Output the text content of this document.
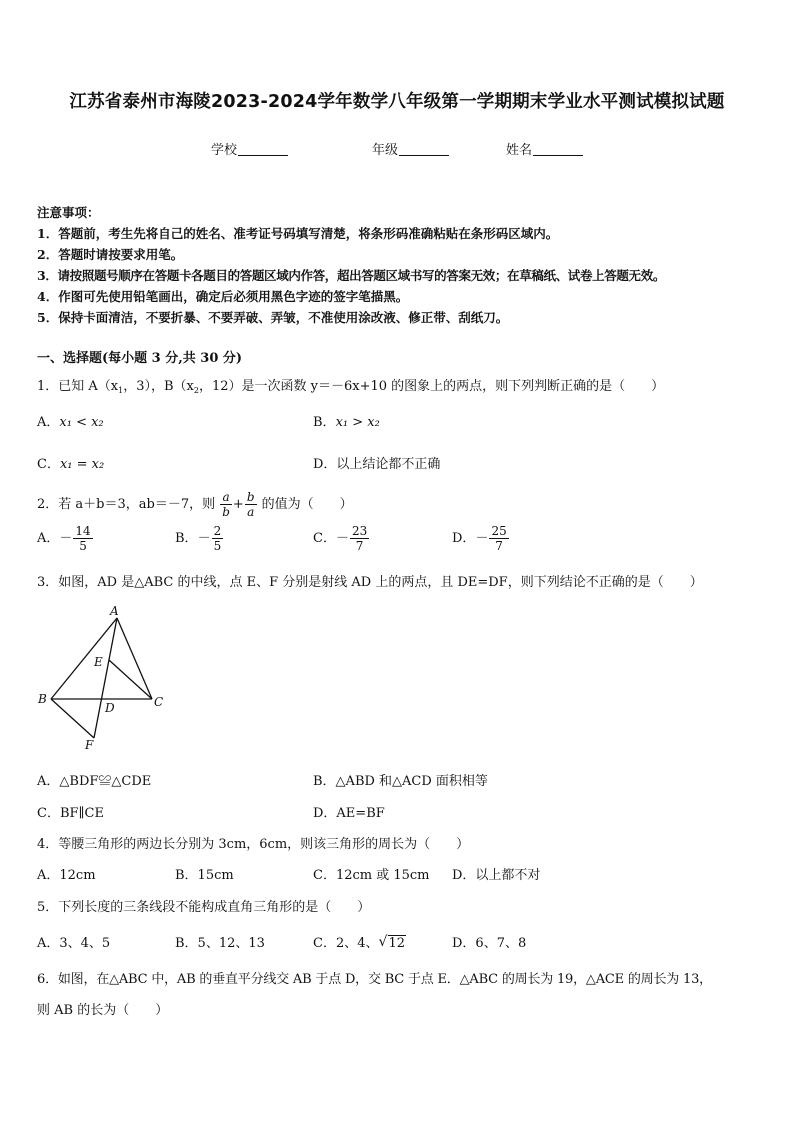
江苏省泰州市海陵2023-2024学年数学八年级第一学期期末学业水平测试模拟试题
学校	年级	姓名
注意事项：
1．答题前，考生先将自己的姓名、准考证号码填写清楚，将条形码准确粘贴在条形码区域内。
2．答题时请按要求用笔。
3．请按照题号顺序在答题卡各题目的答题区域内作答，超出答题区域书写的答案无效；在草稿纸、试卷上答题无效。
4．作图可先使用铅笔画出，确定后必须用黑色字迹的签字笔描黑。
5．保持卡面清洁，不要折暴、不要弄破、弄皱，不准使用涂改液、修正带、刮纸刀。
一、选择题(每小题 3 分,共 30 分)
1．已知 $A(x_1$，3），$B(x_2$，12）是一次函数 y＝－6x+10 的图象上的两点，则下列判断正确的是（　　）
A．x₁ < x₂	B．x₁ > x₂
C．x₁ = x₂	D．以上结论都不正确
2．若 a＋b＝3，ab＝－7，则 $\frac{a}{b} + \frac{b}{a}$ 的值为（　　）
A．－ $\frac{14}{5}$	B．－ $\frac{2}{5}$	C．－ $\frac{23}{7}$	D．－ $\frac{25}{7}$
3．如图，AD 是△ABC 的中线，点 E、F 分别是射线 AD 上的两点，且 DE=DF，则下列结论不正确的是（　　）
A
B	C
D
E
F
A．△BDF≌△CDE	B．△ABD 和△ACD 面积相等
C．BF∥CE	D．AE=BF
4．等腰三角形的两边长分别为 3cm，6cm，则该三角形的周长为（　　）
A．12cm	B．15cm	C．12cm 或 15cm D．以上都不对
5．下列长度的三条线段不能构成直角三角形的是（　　）
A．3、4、5	B．5、12、13	C．2、4、 √ 12	D．6、7、8
6．如图，在△ABC 中，AB 的垂直平分线交 AB 于点 D，交 BC 于点 E．△ABC 的周长为 19，△ACE 的周长为 13，
则 AB 的长为（　　）
